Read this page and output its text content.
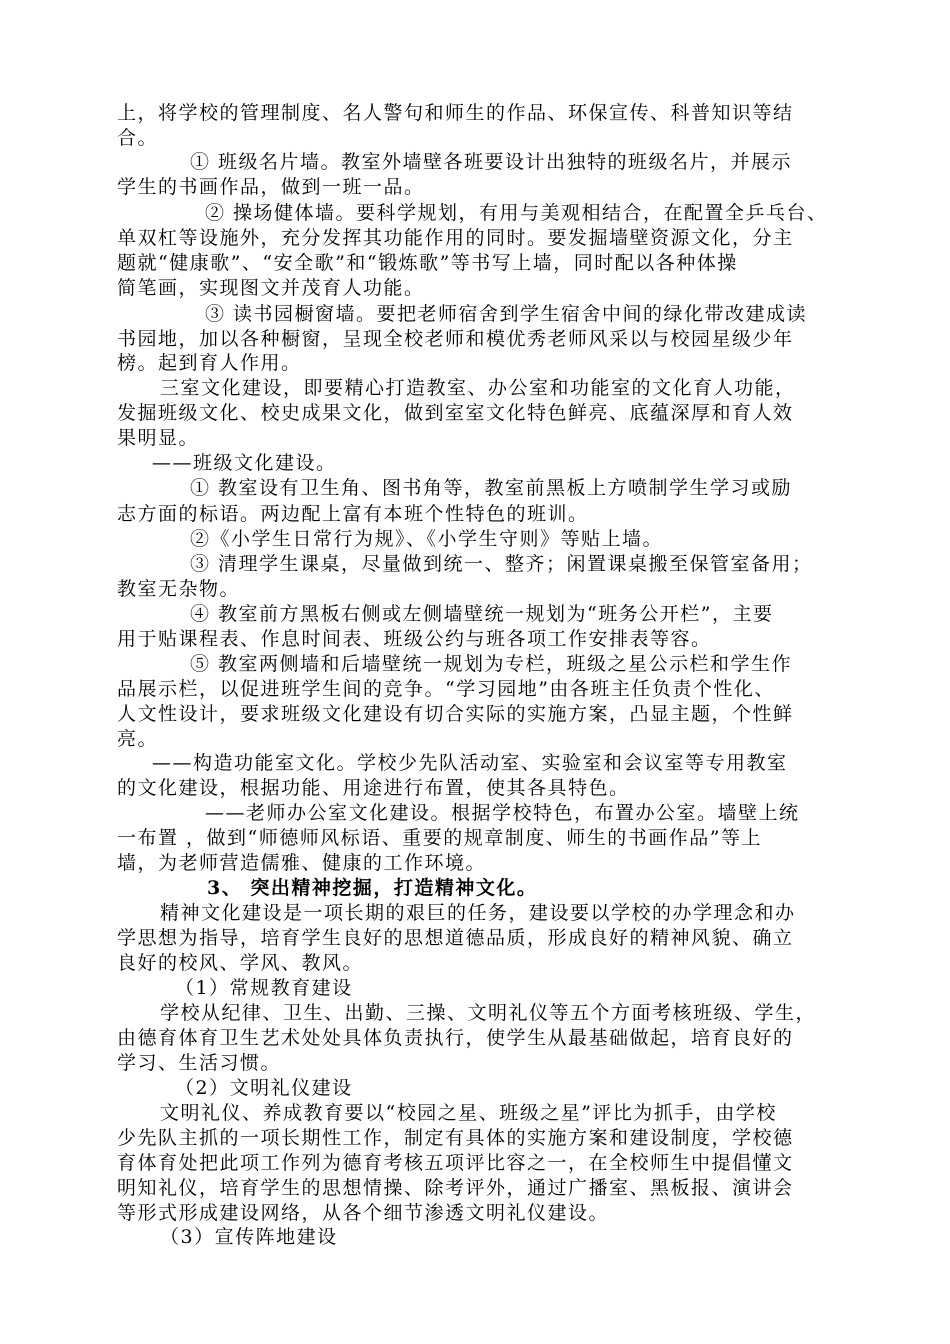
上，将学校的管理制度、名人警句和师生的作品、环保宣传、科普知识等结
合。
① 班级名片墙。教室外墙壁各班要设计出独特的班级名片，并展示
学生的书画作品，做到一班一品。
② 操场健体墙。要科学规划，有用与美观相结合，在配置全乒乓台、
单双杠等设施外，充分发挥其功能作用的同时。要发掘墙壁资源文化，分主
题就“健康歌”、“安全歌”和“锻炼歌”等书写上墙，同时配以各种体操
简笔画，实现图文并茂育人功能。
③ 读书园橱窗墙。要把老师宿舍到学生宿舍中间的绿化带改建成读
书园地，加以各种橱窗，呈现全校老师和模优秀老师风采以与校园星级少年
榜。起到育人作用。
三室文化建设，即要精心打造教室、办公室和功能室的文化育人功能，
发掘班级文化、校史成果文化，做到室室文化特色鲜亮、底蕴深厚和育人效
果明显。
——班级文化建设。
① 教室设有卫生角、图书角等，教室前黑板上方喷制学生学习或励
志方面的标语。两边配上富有本班个性特色的班训。
②《小学生日常行为规》、《小学生守则》等贴上墙。
③ 清理学生课桌，尽量做到统一、整齐；闲置课桌搬至保管室备用；
教室无杂物。
④ 教室前方黑板右侧或左侧墙壁统一规划为“班务公开栏”，主要
用于贴课程表、作息时间表、班级公约与班各项工作安排表等容。
⑤ 教室两侧墙和后墙壁统一规划为专栏，班级之星公示栏和学生作
品展示栏，以促进班学生间的竞争。“学习园地”由各班主任负责个性化、
人文性设计，要求班级文化建设有切合实际的实施方案，凸显主题，个性鲜
亮。
——构造功能室文化。学校少先队活动室、实验室和会议室等专用教室
的文化建设，根据功能、用途进行布置，使其各具特色。
——老师办公室文化建设。根据学校特色，布置办公室。墙壁上统
一布置 ，做到“师德师风标语、重要的规章制度、师生的书画作品”等上
墙，为老师营造儒雅、健康的工作环境。
3、 突出精神挖掘，打造精神文化。
精神文化建设是一项长期的艰巨的任务，建设要以学校的办学理念和办
学思想为指导，培育学生良好的思想道德品质，形成良好的精神风貌、确立
良好的校风、学风、教风。
（1）常规教育建设
学校从纪律、卫生、出勤、三操、文明礼仪等五个方面考核班级、学生，
由德育体育卫生艺术处处具体负责执行，使学生从最基础做起，培育良好的
学习、生活习惯。
（2）文明礼仪建设
文明礼仪、养成教育要以“校园之星、班级之星”评比为抓手，由学校
少先队主抓的一项长期性工作，制定有具体的实施方案和建设制度，学校德
育体育处把此项工作列为德育考核五项评比容之一，在全校师生中提倡懂文
明知礼仪，培育学生的思想情操、除考评外，通过广播室、黑板报、演讲会
等形式形成建设网络，从各个细节渗透文明礼仪建设。
（3）宣传阵地建设
